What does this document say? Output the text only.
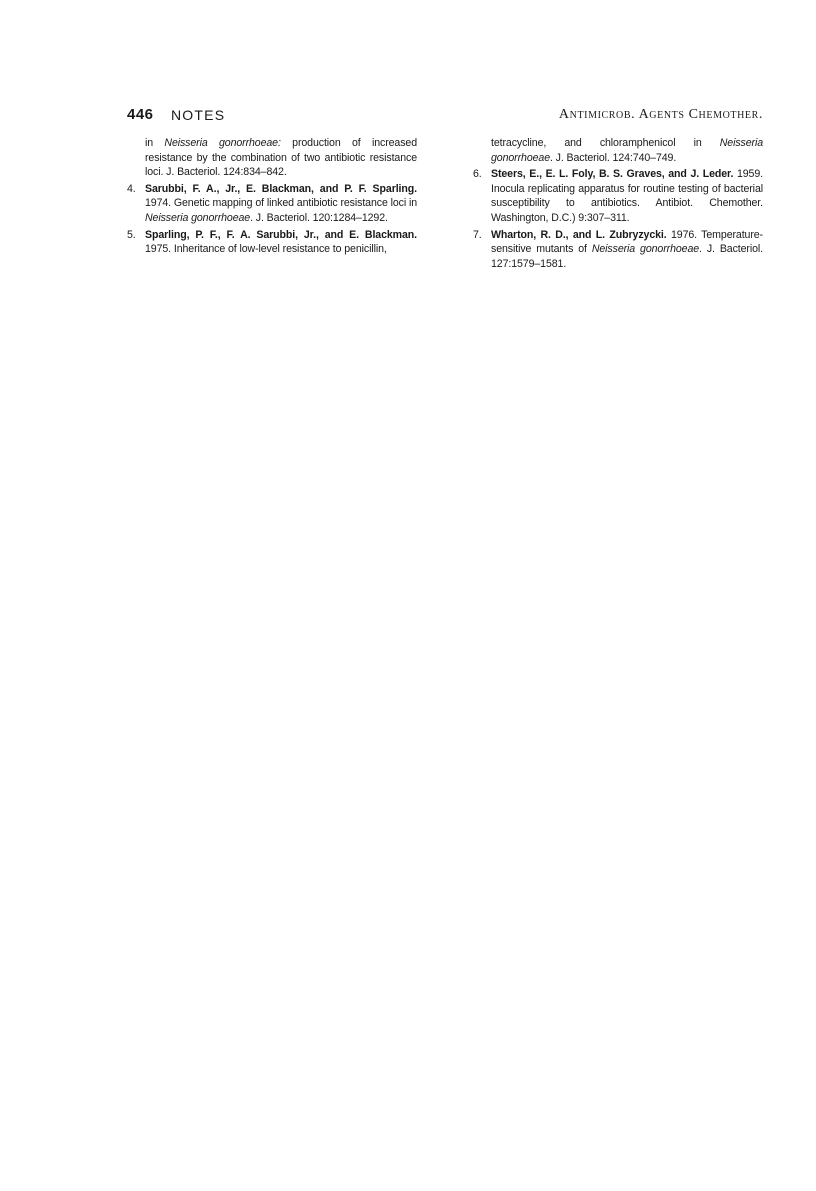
446 NOTES	Antimicrob. Agents Chemother.

in Neisseria gonorrhoeae: production of increased resistance by the combination of two antibiotic resistance loci. J. Bacteriol. 124:834–842.

4. Sarubbi, F. A., Jr., E. Blackman, and P. F. Sparling. 1974. Genetic mapping of linked antibiotic resistance loci in Neisseria gonorrhoeae. J. Bacteriol. 120:1284–1292.

5. Sparling, P. F., F. A. Sarubbi, Jr., and E. Blackman. 1975. Inheritance of low-level resistance to penicillin,

tetracycline, and chloramphenicol in Neisseria gonorrhoeae. J. Bacteriol. 124:740–749.

6. Steers, E., E. L. Foly, B. S. Graves, and J. Leder. 1959. Inocula replicating apparatus for routine testing of bacterial susceptibility to antibiotics. Antibiot. Chemother. Washington, D.C.) 9:307–311.

7. Wharton, R. D., and L. Zubryzycki. 1976. Temperature-sensitive mutants of Neisseria gonorrhoeae. J. Bacteriol. 127:1579–1581.
